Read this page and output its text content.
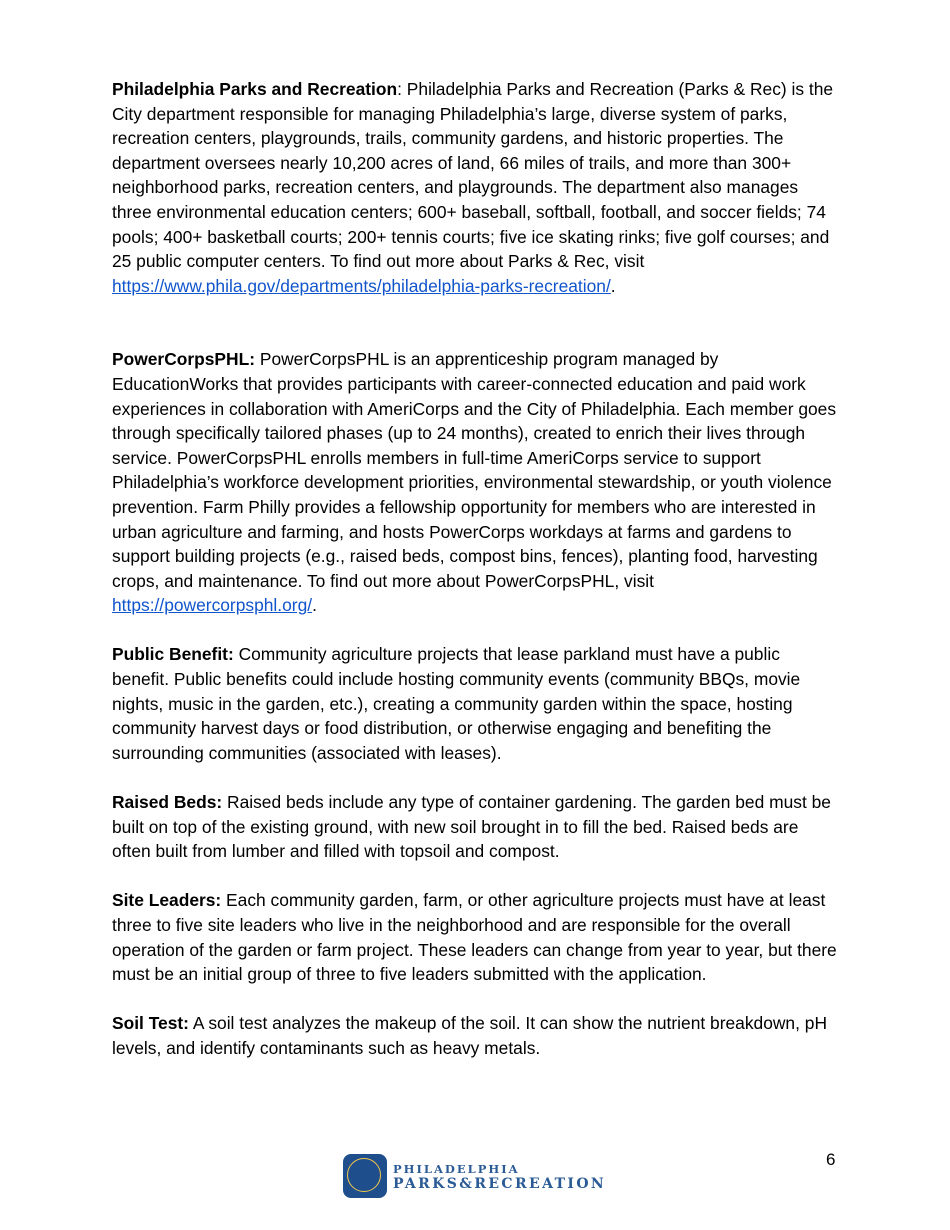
Philadelphia Parks and Recreation: Philadelphia Parks and Recreation (Parks & Rec) is the City department responsible for managing Philadelphia’s large, diverse system of parks, recreation centers, playgrounds, trails, community gardens, and historic properties. The department oversees nearly 10,200 acres of land, 66 miles of trails, and more than 300+ neighborhood parks, recreation centers, and playgrounds. The department also manages three environmental education centers; 600+ baseball, softball, football, and soccer fields; 74 pools; 400+ basketball courts; 200+ tennis courts; five ice skating rinks; five golf courses; and 25 public computer centers. To find out more about Parks & Rec, visit
https://www.phila.gov/departments/philadelphia-parks-recreation/.

PowerCorpsPHL: PowerCorpsPHL is an apprenticeship program managed by EducationWorks that provides participants with career-connected education and paid work experiences in collaboration with AmeriCorps and the City of Philadelphia. Each member goes through specifically tailored phases (up to 24 months), created to enrich their lives through service. PowerCorpsPHL enrolls members in full-time AmeriCorps service to support Philadelphia’s workforce development priorities, environmental stewardship, or youth violence prevention. Farm Philly provides a fellowship opportunity for members who are interested in urban agriculture and farming, and hosts PowerCorps workdays at farms and gardens to support building projects (e.g., raised beds, compost bins, fences), planting food, harvesting crops, and maintenance. To find out more about PowerCorpsPHL, visit https://powercorpsphl.org/.

Public Benefit: Community agriculture projects that lease parkland must have a public benefit. Public benefits could include hosting community events (community BBQs, movie nights, music in the garden, etc.), creating a community garden within the space, hosting community harvest days or food distribution, or otherwise engaging and benefiting the surrounding communities (associated with leases).

Raised Beds: Raised beds include any type of container gardening. The garden bed must be built on top of the existing ground, with new soil brought in to fill the bed. Raised beds are often built from lumber and filled with topsoil and compost.

Site Leaders: Each community garden, farm, or other agriculture projects must have at least three to five site leaders who live in the neighborhood and are responsible for the overall operation of the garden or farm project. These leaders can change from year to year, but there must be an initial group of three to five leaders submitted with the application.

Soil Test: A soil test analyzes the makeup of the soil. It can show the nutrient breakdown, pH levels, and identify contaminants such as heavy metals.

6
PHILADELPHIA
PARKS&RECREATION
